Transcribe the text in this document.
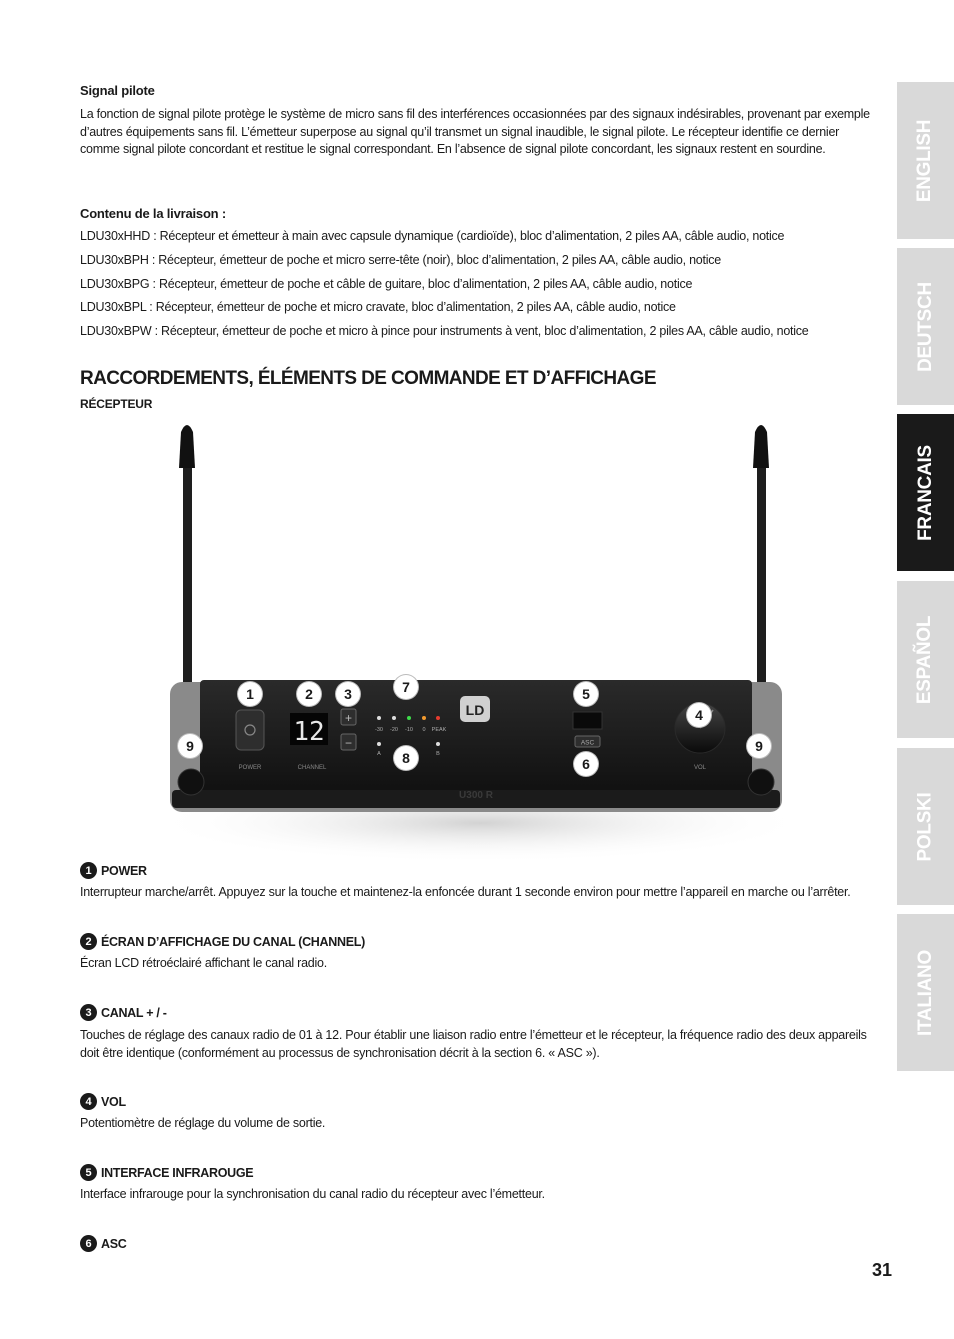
Signal pilote
La fonction de signal pilote protège le système de micro sans fil des interférences occasionnées par des signaux indésirables, provenant par exemple d’autres équipements sans fil. L’émetteur superpose au signal qu’il transmet un signal inaudible, le signal pilote. Le récepteur identifie ce dernier comme signal pilote concordant et restitue le signal correspondant. En l’absence de signal pilote concordant, les signaux restent en sourdine.
Contenu de la livraison :
LDU30xHHD : Récepteur et émetteur à main avec capsule dynamique (cardioïde), bloc d’alimentation, 2 piles AA, câble audio, notice
LDU30xBPH : Récepteur, émetteur de poche et micro serre-tête (noir), bloc d’alimentation, 2 piles AA, câble audio, notice
LDU30xBPG : Récepteur, émetteur de poche et câble de guitare, bloc d’alimentation, 2 piles AA, câble audio, notice
LDU30xBPL : Récepteur, émetteur de poche et micro cravate, bloc d’alimentation, 2 piles AA, câble audio, notice
LDU30xBPW : Récepteur, émetteur de poche et micro à pince pour instruments à vent, bloc d’alimentation, 2 piles AA, câble audio, notice
RACCORDEMENTS, ÉLÉMENTS DE COMMANDE ET D’AFFICHAGE
RÉCEPTEUR
1 POWER
Interrupteur marche/arrêt. Appuyez sur la touche et maintenez-la enfoncée durant 1 seconde environ pour mettre l’appareil en marche ou l’arrêter.
2 ÉCRAN D’AFFICHAGE DU CANAL (CHANNEL)
Écran LCD rétroéclairé affichant le canal radio.
3 CANAL + / -
Touches de réglage des canaux radio de 01 à 12. Pour établir une liaison radio entre l’émetteur et le récepteur, la fréquence radio des deux appareils doit être identique (conformément au processus de synchronisation décrit à la section 6. « ASC »).
4 VOL
Potentiomètre de réglage du volume de sortie.
5 INTERFACE INFRAROUGE
Interface infrarouge pour la synchronisation du canal radio du récepteur avec l’émetteur.
6 ASC
POWER
12
CHANNEL
+
−
-30 -20 -10 0 PEAK
A	B
LD
ASC
VOL
U300 R
1	2	3	7	5
4
9
8	6
9
ENGLISH
DEUTSCH
FRANCAIS
ESPAÑOL
POLSKI
ITALIANO
31
